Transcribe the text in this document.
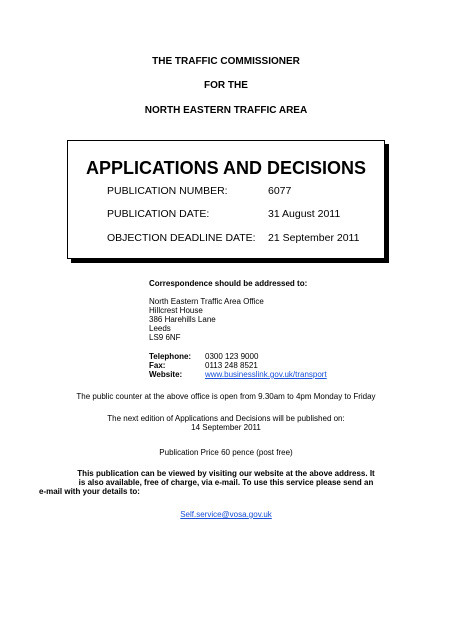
THE TRAFFIC COMMISSIONER
FOR THE
NORTH EASTERN TRAFFIC AREA
APPLICATIONS AND DECISIONS
PUBLICATION NUMBER:	6077
PUBLICATION DATE:	31 August 2011
OBJECTION DEADLINE DATE: 21 September 2011
Correspondence should be addressed to:
North Eastern Traffic Area Office
Hillcrest House
386 Harehills Lane
Leeds
LS9 6NF
Telephone: 0300 123 9000
Fax:	0113 248 8521
Website:	www.businesslink.gov.uk/transport
The public counter at the above office is open from 9.30am to 4pm Monday to Friday
The next edition of Applications and Decisions will be published on:
14 September 2011
Publication Price 60 pence (post free)
This publication can be viewed by visiting our website at the above address. It
is also available, free of charge, via e-mail. To use this service please send an
e-mail with your details to:
Self.service@vosa.gov.uk
